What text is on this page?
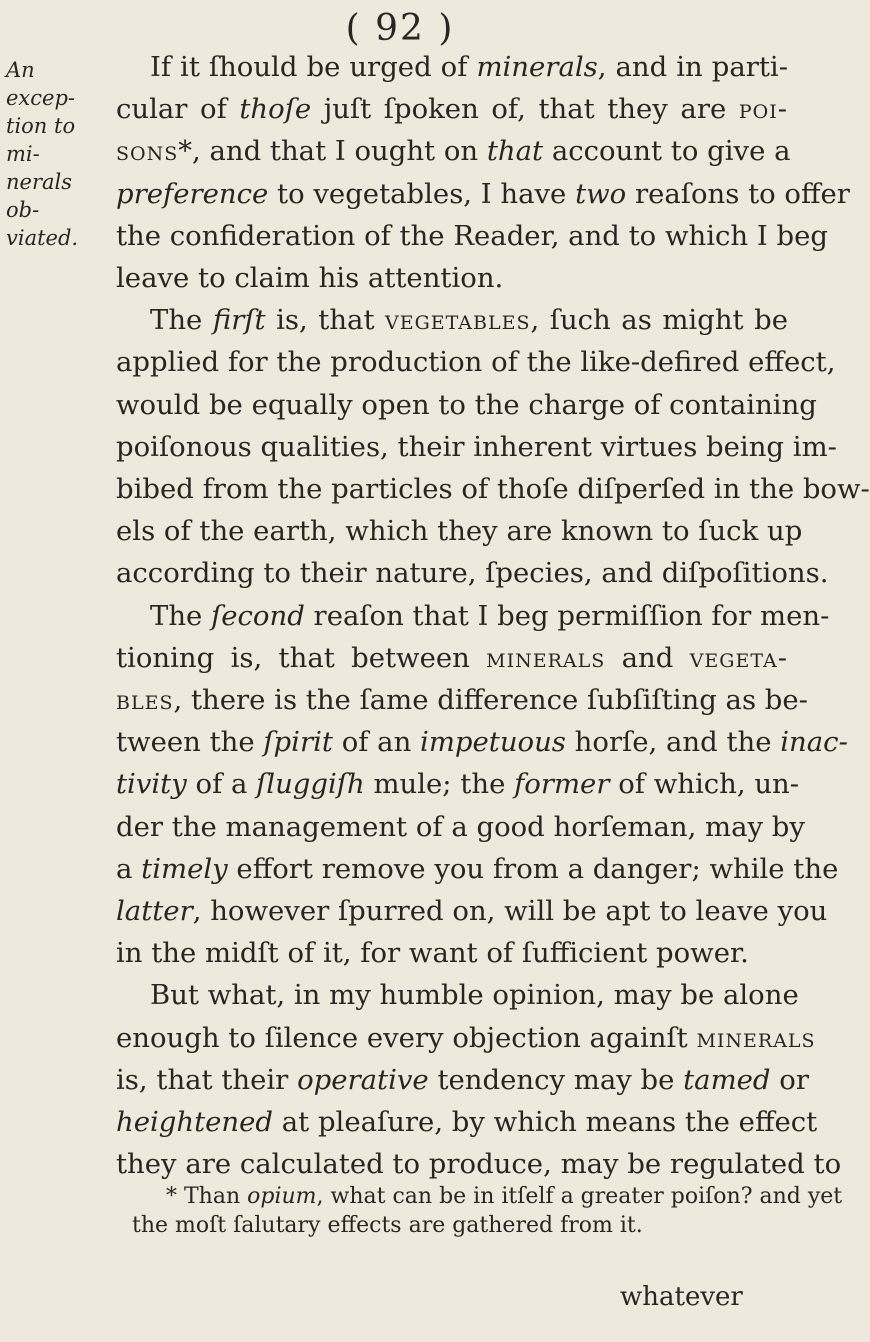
( 92 )
An excep-
tion to mi-
nerals ob-
viated.
If it ſhould be urged of minerals, and in parti-
cular of thoſe juſt ſpoken of, that they are poi-
sons*, and that I ought on that account to give a
preference to vegetables, I have two reaſons to offer
the confideration of the Reader, and to which I beg
leave to claim his attention.
The firſt is, that vegetables, ſuch as might be
applied for the production of the like-defired effect,
would be equally open to the charge of containing
poiſonous qualities, their inherent virtues being im-
bibed from the particles of thoſe diſperſed in the bow-
els of the earth, which they are known to ſuck up
according to their nature, ſpecies, and diſpoſitions.
The ſecond reaſon that I beg permiſſion for men-
tioning is, that between minerals and vegeta-
bles, there is the ſame difference ſubſiſting as be-
tween the ſpirit of an impetuous horſe, and the inac-
tivity of a ſluggiſh mule; the former of which, un-
der the management of a good horſeman, may by
a timely effort remove you from a danger; while the
latter, however ſpurred on, will be apt to leave you
in the midſt of it, for want of ſufficient power.
But what, in my humble opinion, may be alone
enough to ſilence every objection againſt minerals
is, that their operative tendency may be tamed or
heightened at pleaſure, by which means the effect
they are calculated to produce, may be regulated to
* Than opium, what can be in itſelf a greater poiſon? and yet
the moſt ſalutary effects are gathered from it.
whatever
